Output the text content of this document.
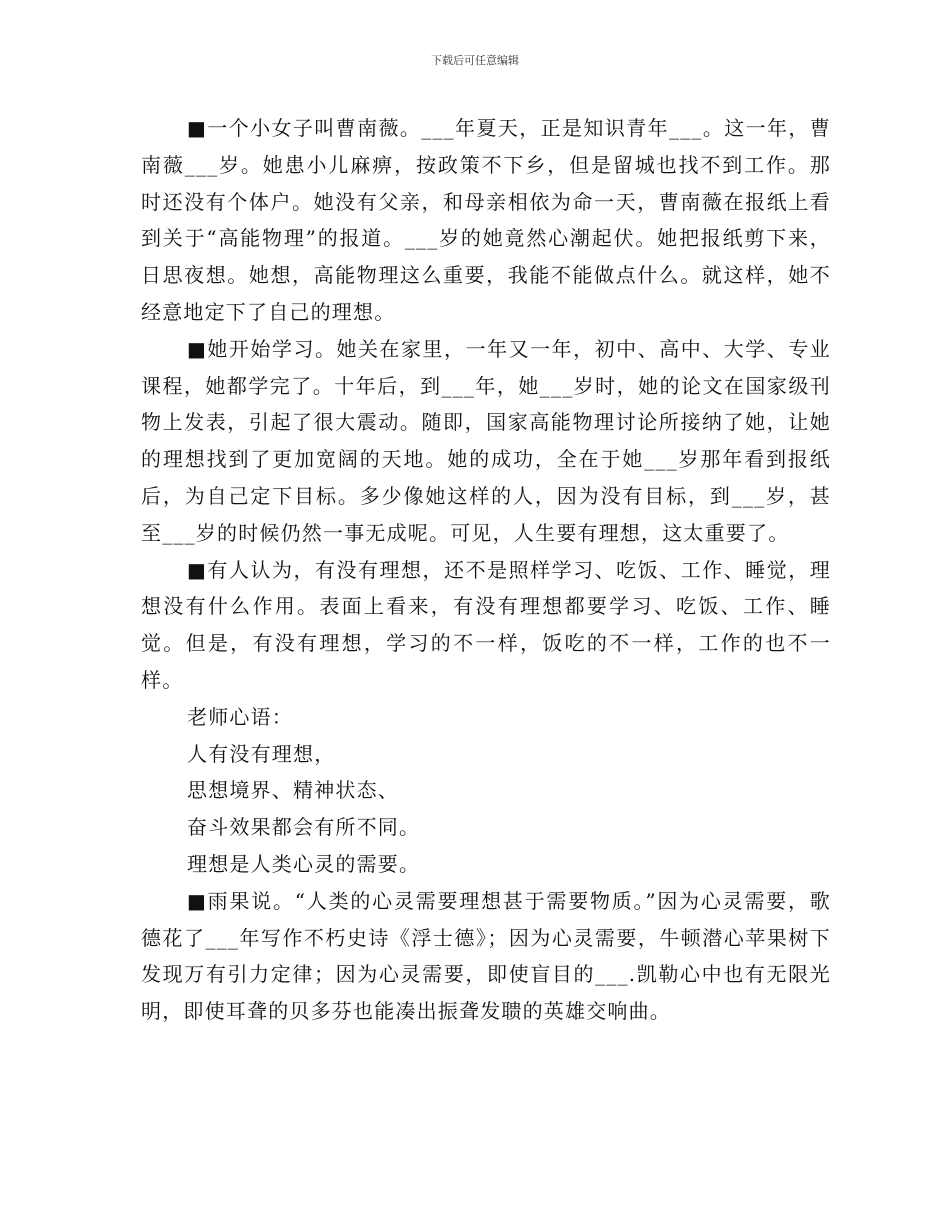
下载后可任意编辑

■一个小女子叫曹南薇。___年夏天，正是知识青年___。这一年，曹南薇___岁。她患小儿麻痹，按政策不下乡，但是留城也找不到工作。那时还没有个体户。她没有父亲，和母亲相依为命一天，曹南薇在报纸上看到关于“高能物理”的报道。___岁的她竟然心潮起伏。她把报纸剪下来，日思夜想。她想，高能物理这么重要，我能不能做点什么。就这样，她不经意地定下了自己的理想。

■她开始学习。她关在家里，一年又一年，初中、高中、大学、专业课程，她都学完了。十年后，到___年，她___岁时，她的论文在国家级刊物上发表，引起了很大震动。随即，国家高能物理讨论所接纳了她，让她的理想找到了更加宽阔的天地。她的成功，全在于她___岁那年看到报纸后，为自己定下目标。多少像她这样的人，因为没有目标，到___岁，甚至___岁的时候仍然一事无成呢。可见，人生要有理想，这太重要了。

■有人认为，有没有理想，还不是照样学习、吃饭、工作、睡觉，理想没有什么作用。表面上看来，有没有理想都要学习、吃饭、工作、睡觉。但是，有没有理想，学习的不一样，饭吃的不一样，工作的也不一样。

老师心语：

人有没有理想，

思想境界、精神状态、

奋斗效果都会有所不同。

理想是人类心灵的需要。

■雨果说。“人类的心灵需要理想甚于需要物质。”因为心灵需要，歌德花了___年写作不朽史诗《浮士德》；因为心灵需要，牛顿潜心苹果树下发现万有引力定律；因为心灵需要，即使盲目的___.凯勒心中也有无限光明，即使耳聋的贝多芬也能凑出振聋发聩的英雄交响曲。
